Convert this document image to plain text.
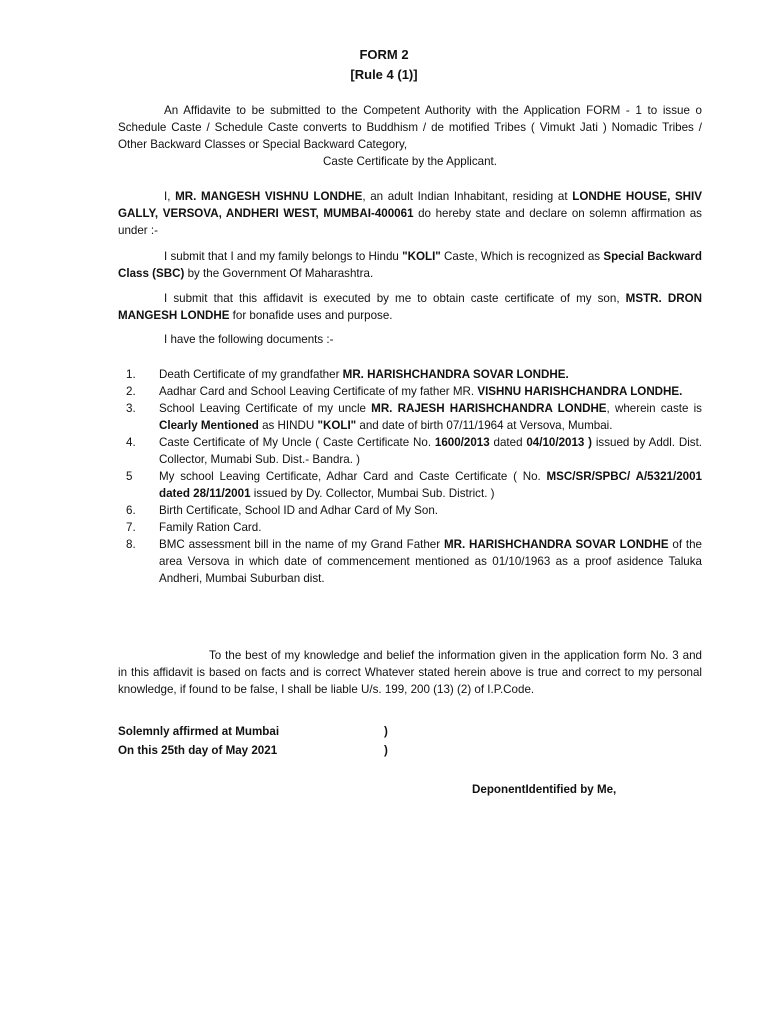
FORM 2
[Rule 4 (1)]
An Affidavite to be submitted to the Competent Authority with the Application FORM - 1 to issue o Schedule Caste / Schedule Caste converts to Buddhism / de motified Tribes ( Vimukt Jati ) Nomadic Tribes / Other Backward Classes or Special Backward Category,
Caste Certificate by the Applicant.
I, MR. MANGESH VISHNU LONDHE, an adult Indian Inhabitant, residing at LONDHE HOUSE, SHIV GALLY, VERSOVA, ANDHERI WEST, MUMBAI-400061 do hereby state and declare on solemn affirmation as under :-
I submit that I and my family belongs to Hindu "KOLI" Caste, Which is recognized as Special Backward Class (SBC) by the Government Of Maharashtra.
I submit that this affidavit is executed by me to obtain caste certificate of my son, MSTR. DRON MANGESH LONDHE for bonafide uses and purpose.
I have the following documents :-
1.	Death Certificate of my grandfather MR. HARISHCHANDRA SOVAR LONDHE.
2.	Aadhar Card and School Leaving Certificate of my father MR. VISHNU HARISHCHANDRA LONDHE.
3.	School Leaving Certificate of my uncle MR. RAJESH HARISHCHANDRA LONDHE, wherein caste is Clearly Mentioned as HINDU "KOLI" and date of birth 07/11/1964 at Versova, Mumbai.
4.	Caste Certificate of My Uncle ( Caste Certificate No. 1600/2013 dated 04/10/2013 ) issued by Addl. Dist. Collector, Mumabi Sub. Dist.- Bandra. )
5	My school Leaving Certificate, Adhar Card and Caste Certificate ( No. MSC/SR/SPBC/ A/5321/2001 dated 28/11/2001 issued by Dy. Collector, Mumbai Sub. District. )
6.	Birth Certificate, School ID and Adhar Card of My Son.
7.	Family Ration Card.
8.	BMC assessment bill in the name of my Grand Father MR. HARISHCHANDRA SOVAR LONDHE of the area Versova in which date of commencement mentioned as 01/10/1963 as a proof asidence Taluka Andheri, Mumbai Suburban dist.
To the best of my knowledge and belief the information given in the application form No. 3 and in this affidavit is based on facts and is correct Whatever stated herein above is true and correct to my personal knowledge, if found to be false, I shall be liable U/s. 199, 200 (13) (2) of I.P.Code.
Solemnly affirmed at Mumbai	)
On this 25th day of May 2021	)
DeponentIdentified by Me,
